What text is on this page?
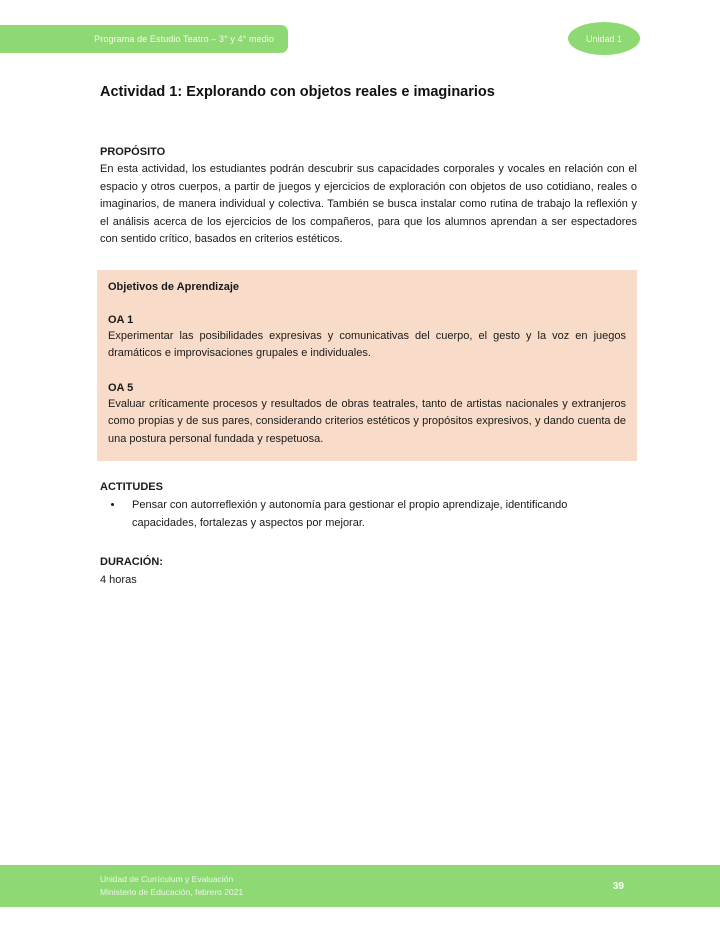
Programa de Estudio Teatro – 3° y 4° medio	Unidad 1
Actividad 1: Explorando con objetos reales e imaginarios
PROPÓSITO

En esta actividad, los estudiantes podrán descubrir sus capacidades corporales y vocales en relación con el espacio y otros cuerpos, a partir de juegos y ejercicios de exploración con objetos de uso cotidiano, reales o imaginarios, de manera individual y colectiva. También se busca instalar como rutina de trabajo la reflexión y el análisis acerca de los ejercicios de los compañeros, para que los alumnos aprendan a ser espectadores con sentido crítico, basados en criterios estéticos.

Objetivos de Aprendizaje
OA 1

Experimentar las posibilidades expresivas y comunicativas del cuerpo, el gesto y la voz en juegos dramáticos e improvisaciones grupales e individuales.

OA 5

Evaluar críticamente procesos y resultados de obras teatrales, tanto de artistas nacionales y extranjeros como propias y de sus pares, considerando criterios estéticos y propósitos expresivos, y dando cuenta de una postura personal fundada y respetuosa.

ACTITUDES
• Pensar con autorreflexión y autonomía para gestionar el propio aprendizaje, identificando capacidades, fortalezas y aspectos por mejorar.
DURACIÓN:

4 horas

Unidad de Currículum y Evaluación
Ministerio de Educación, febrero 2021
39
